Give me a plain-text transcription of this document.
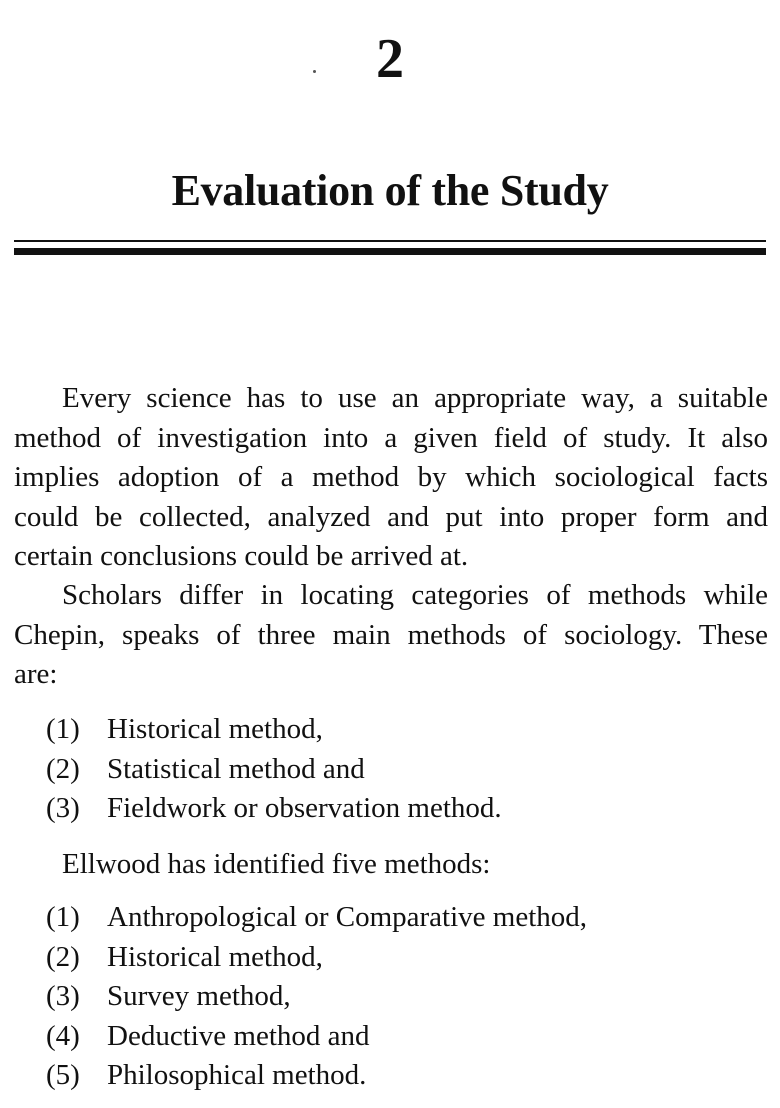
2
Evaluation of the Study
Every science has to use an appropriate way, a suitable
method of investigation into a given field of study. It also
implies adoption of a method by which sociological facts
could be collected, analyzed and put into proper form and
certain conclusions could be arrived at.
Scholars differ in locating categories of methods while
Chepin, speaks of three main methods of sociology. These
are:
(1) Historical method,
(2) Statistical method and
(3) Fieldwork or observation method.
Ellwood has identified five methods:
(1) Anthropological or Comparative method,
(2) Historical method,
(3) Survey method,
(4) Deductive method and
(5) Philosophical method.
